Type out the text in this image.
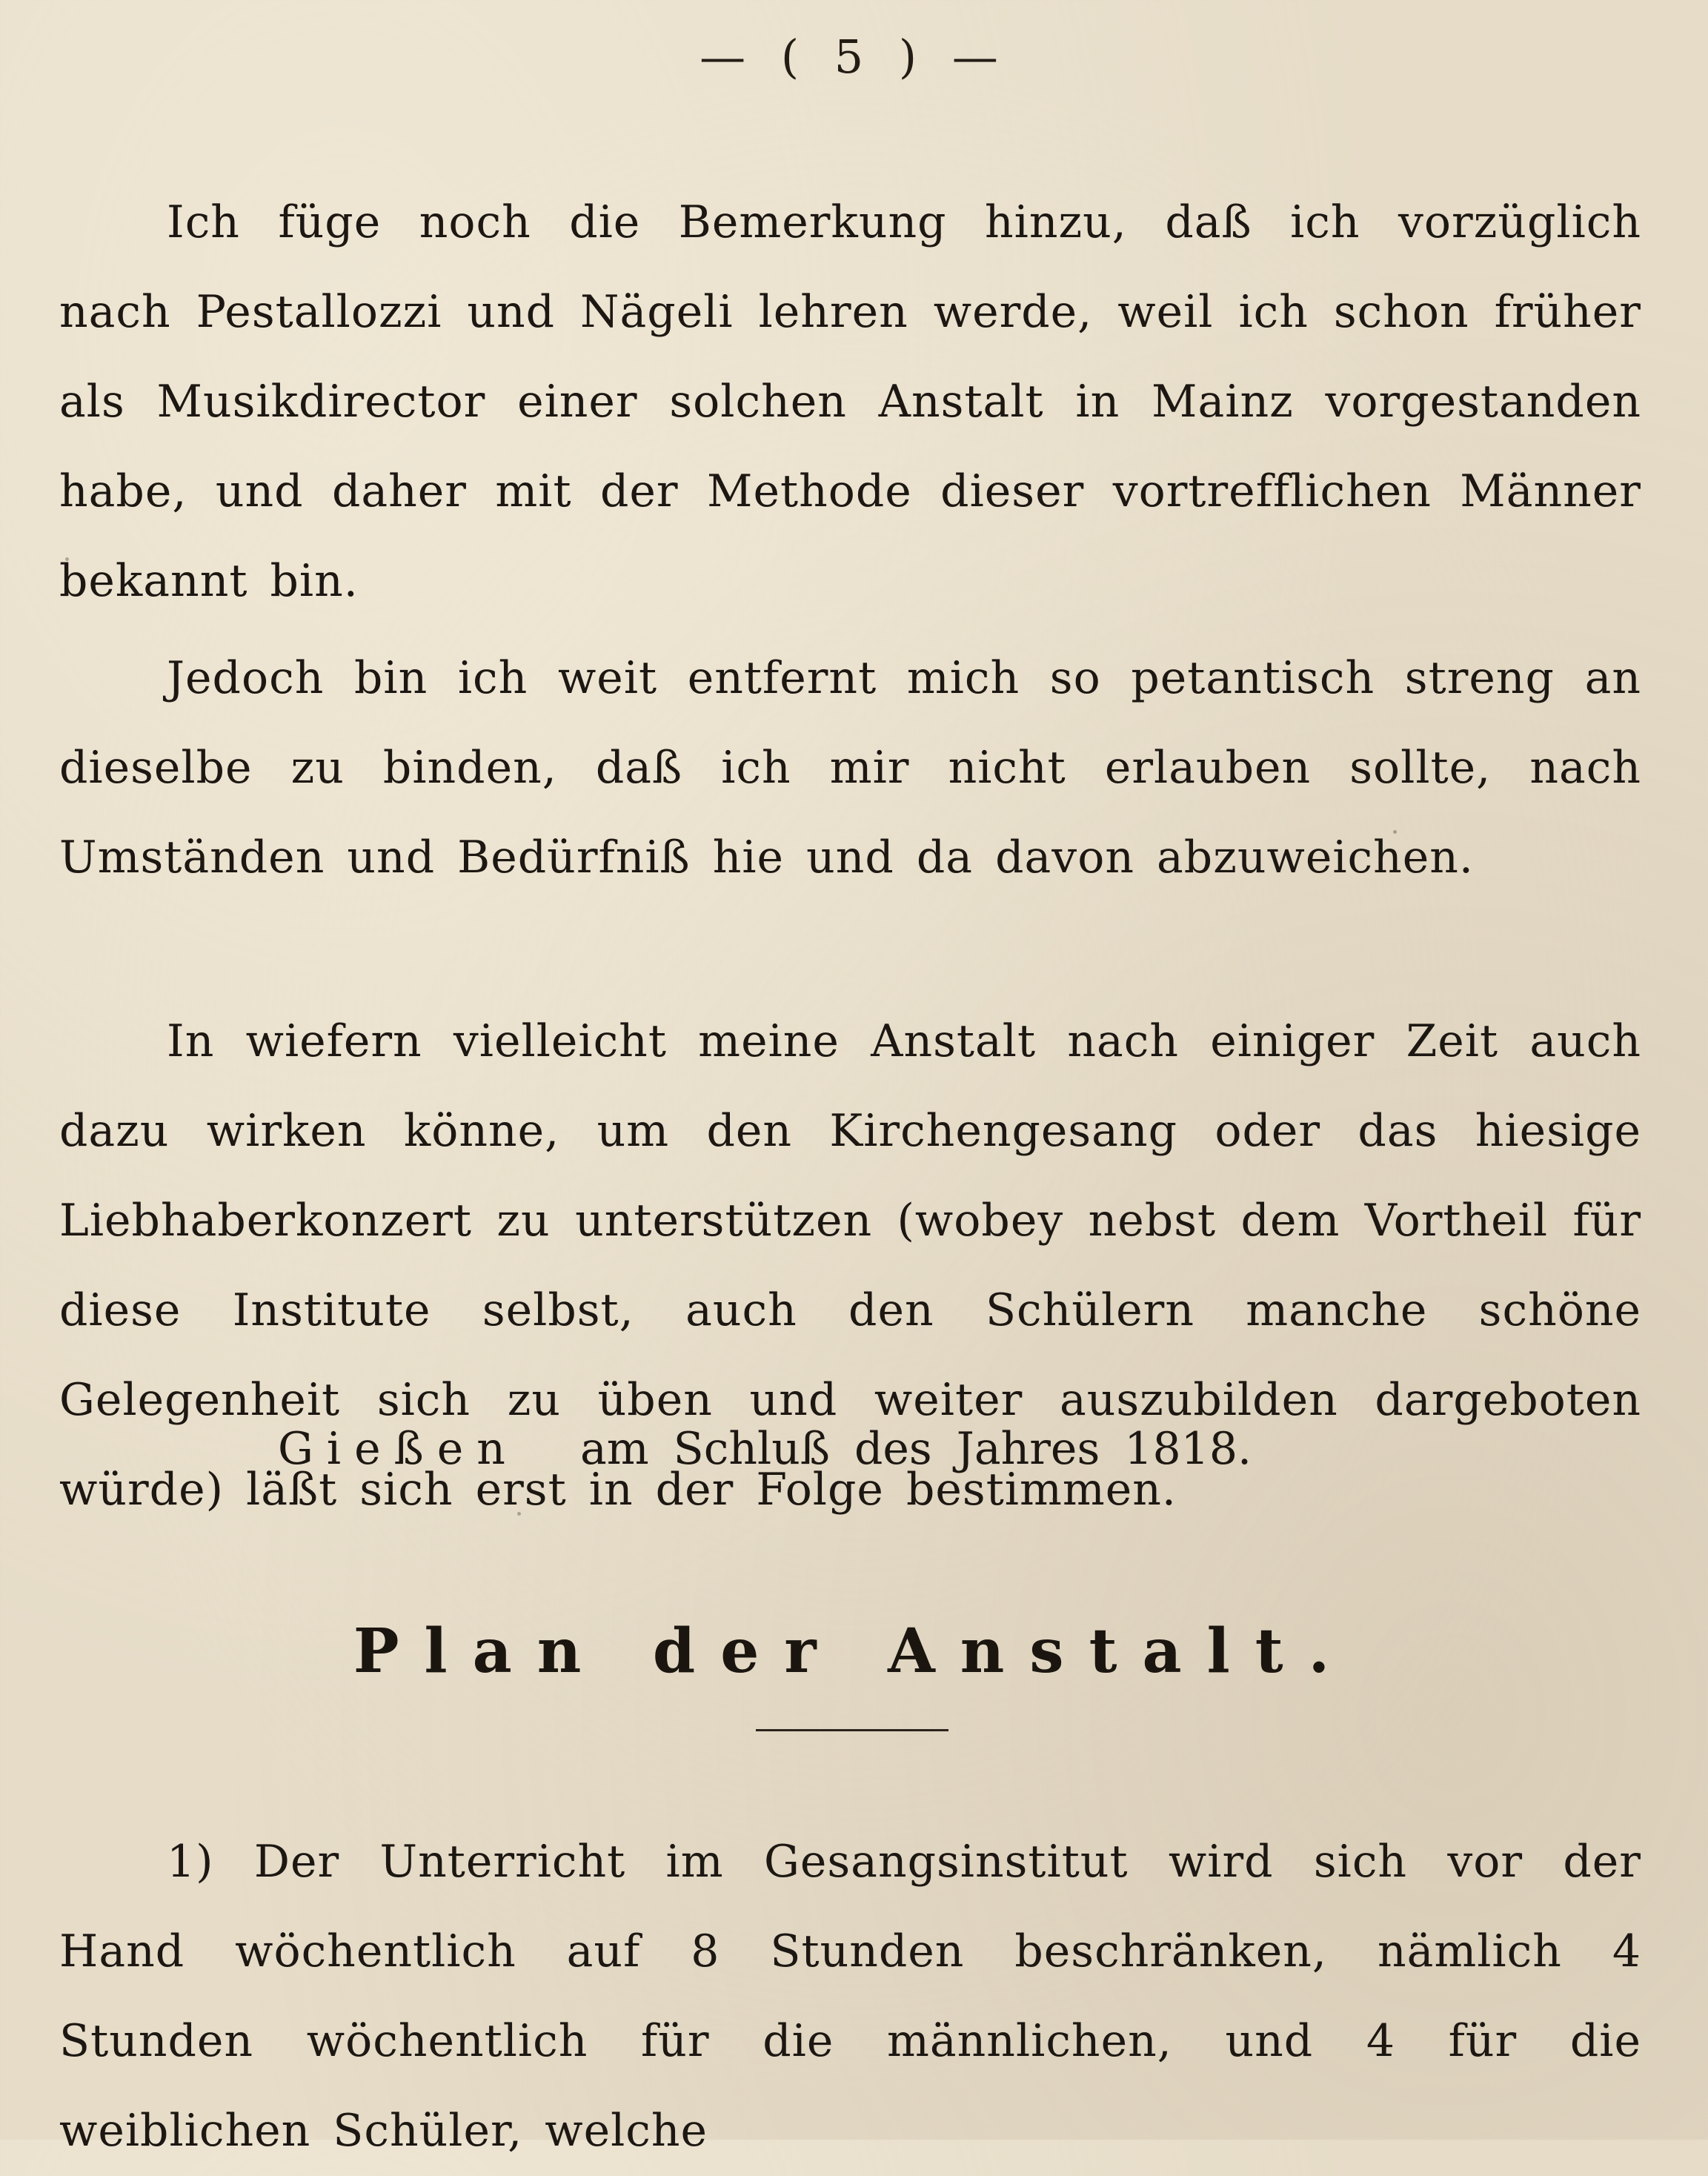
— ( 5 ) —

Ich füge noch die Bemerkung hinzu, daß ich vorzüglich nach Pestallozzi und Nägeli lehren werde, weil ich schon früher als Musikdirector einer solchen Anstalt in Mainz vorgestanden habe, und daher mit der Methode dieser vortrefflichen Männer bekannt bin.

Jedoch bin ich weit entfernt mich so petantisch streng an dieselbe zu binden, daß ich mir nicht erlauben sollte, nach Umständen und Bedürfniß hie und da davon abzuweichen.

In wiefern vielleicht meine Anstalt nach einiger Zeit auch dazu wirken könne, um den Kirchengesang oder das hiesige Liebhaberkonzert zu unterstützen (wobey nebst dem Vortheil für diese Institute selbst, auch den Schülern manche schöne Gelegenheit sich zu üben und weiter auszubilden dargeboten würde) läßt sich erst in der Folge bestimmen.

Gießen am Schluß des Jahres 1818.
Plan der Anstalt.

1) Der Unterricht im Gesangsinstitut wird sich vor der Hand wöchentlich auf 8 Stunden beschränken, nämlich 4 Stunden wöchentlich für die männlichen, und 4 für die weiblichen Schüler, welche
